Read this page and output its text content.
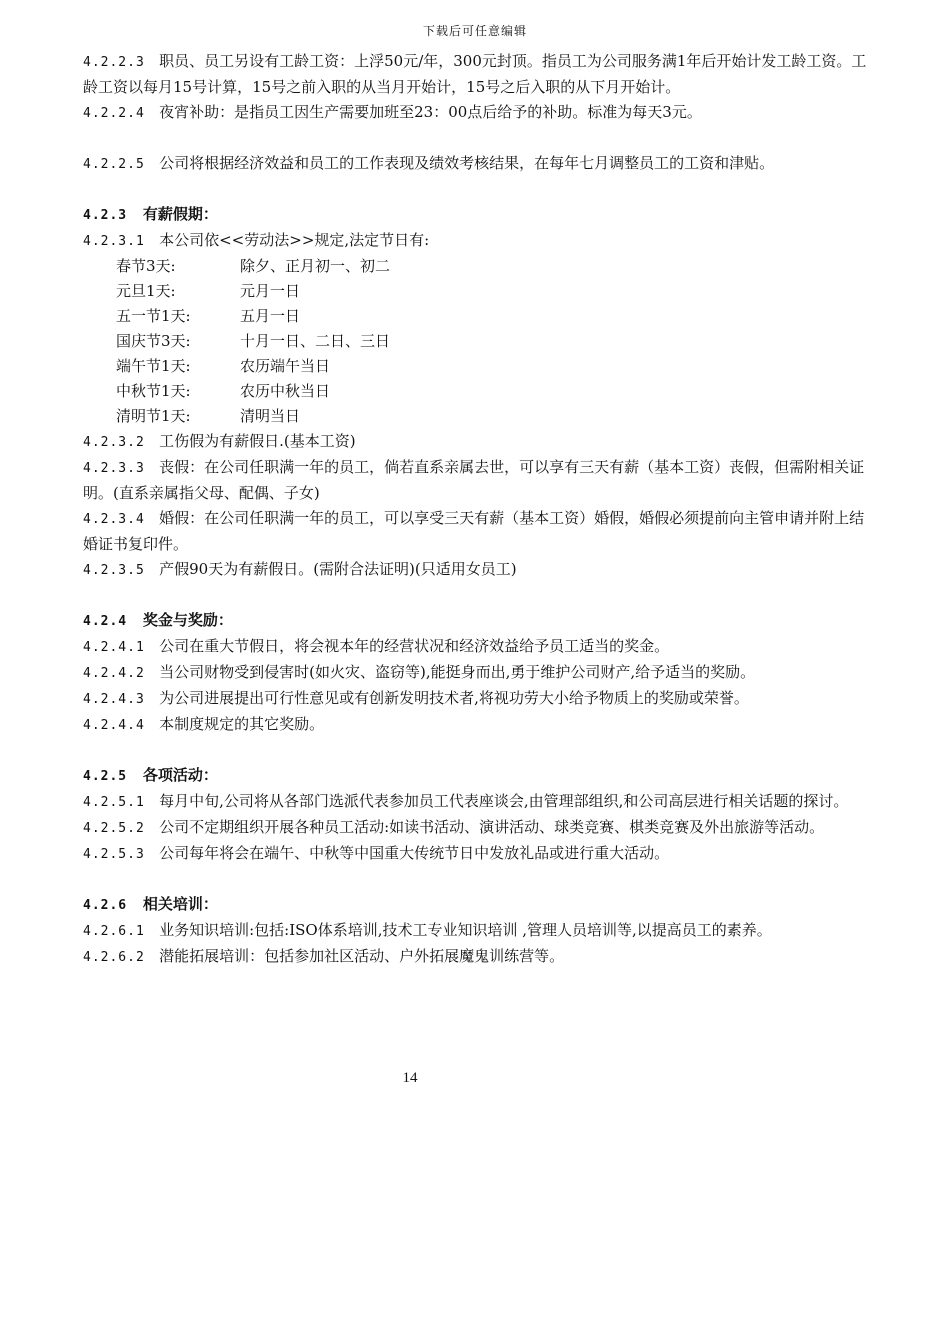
下载后可任意编辑

4.2.2.3 职员、员工另设有工龄工资：上浮50元/年，300元封顶。指员工为公司服务满1年后开始计发工龄工资。工龄工资以每月15号计算，15号之前入职的从当月开始计，15号之后入职的从下月开始计。

4.2.2.4 夜宵补助：是指员工因生产需要加班至23：00点后给予的补助。标准为每天3元。

4.2.2.5 公司将根据经济效益和员工的工作表现及绩效考核结果，在每年七月调整员工的工资和津贴。

4.2.3 有薪假期：

4.2.3.1 本公司依<<劳动法>>规定,法定节日有:

春节3天:	除夕、正月初一、初二
元旦1天:	元月一日
五一节1天:	五月一日
国庆节3天:	十月一日、二日、三日
端午节1天:	农历端午当日
中秋节1天:	农历中秋当日
清明节1天:	清明当日

4.2.3.2 工伤假为有薪假日.(基本工资)

4.2.3.3 丧假：在公司任职满一年的员工，倘若直系亲属去世，可以享有三天有薪（基本工资）丧假，但需附相关证明。(直系亲属指父母、配偶、子女)

4.2.3.4 婚假：在公司任职满一年的员工，可以享受三天有薪（基本工资）婚假，婚假必须提前向主管申请并附上结婚证书复印件。

4.2.3.5 产假90天为有薪假日。(需附合法证明)(只适用女员工)

4.2.4 奖金与奖励：

4.2.4.1 公司在重大节假日，将会视本年的经营状况和经济效益给予员工适当的奖金。

4.2.4.2 当公司财物受到侵害时(如火灾、盗窃等),能挺身而出,勇于维护公司财产,给予适当的奖励。

4.2.4.3 为公司进展提出可行性意见或有创新发明技术者,将视功劳大小给予物质上的奖励或荣誉。

4.2.4.4 本制度规定的其它奖励。

4.2.5 各项活动：

4.2.5.1 每月中旬,公司将从各部门选派代表参加员工代表座谈会,由管理部组织,和公司高层进行相关话题的探讨。

4.2.5.2 公司不定期组织开展各种员工活动:如读书活动、演讲活动、球类竞赛、棋类竞赛及外出旅游等活动。

4.2.5.3 公司每年将会在端午、中秋等中国重大传统节日中发放礼品或进行重大活动。

4.2.6 相关培训：

4.2.6.1 业务知识培训:包括:ISO体系培训,技术工专业知识培训 ,管理人员培训等,以提高员工的素养。

4.2.6.2 潜能拓展培训：包括参加社区活动、户外拓展魔鬼训练营等。

14
